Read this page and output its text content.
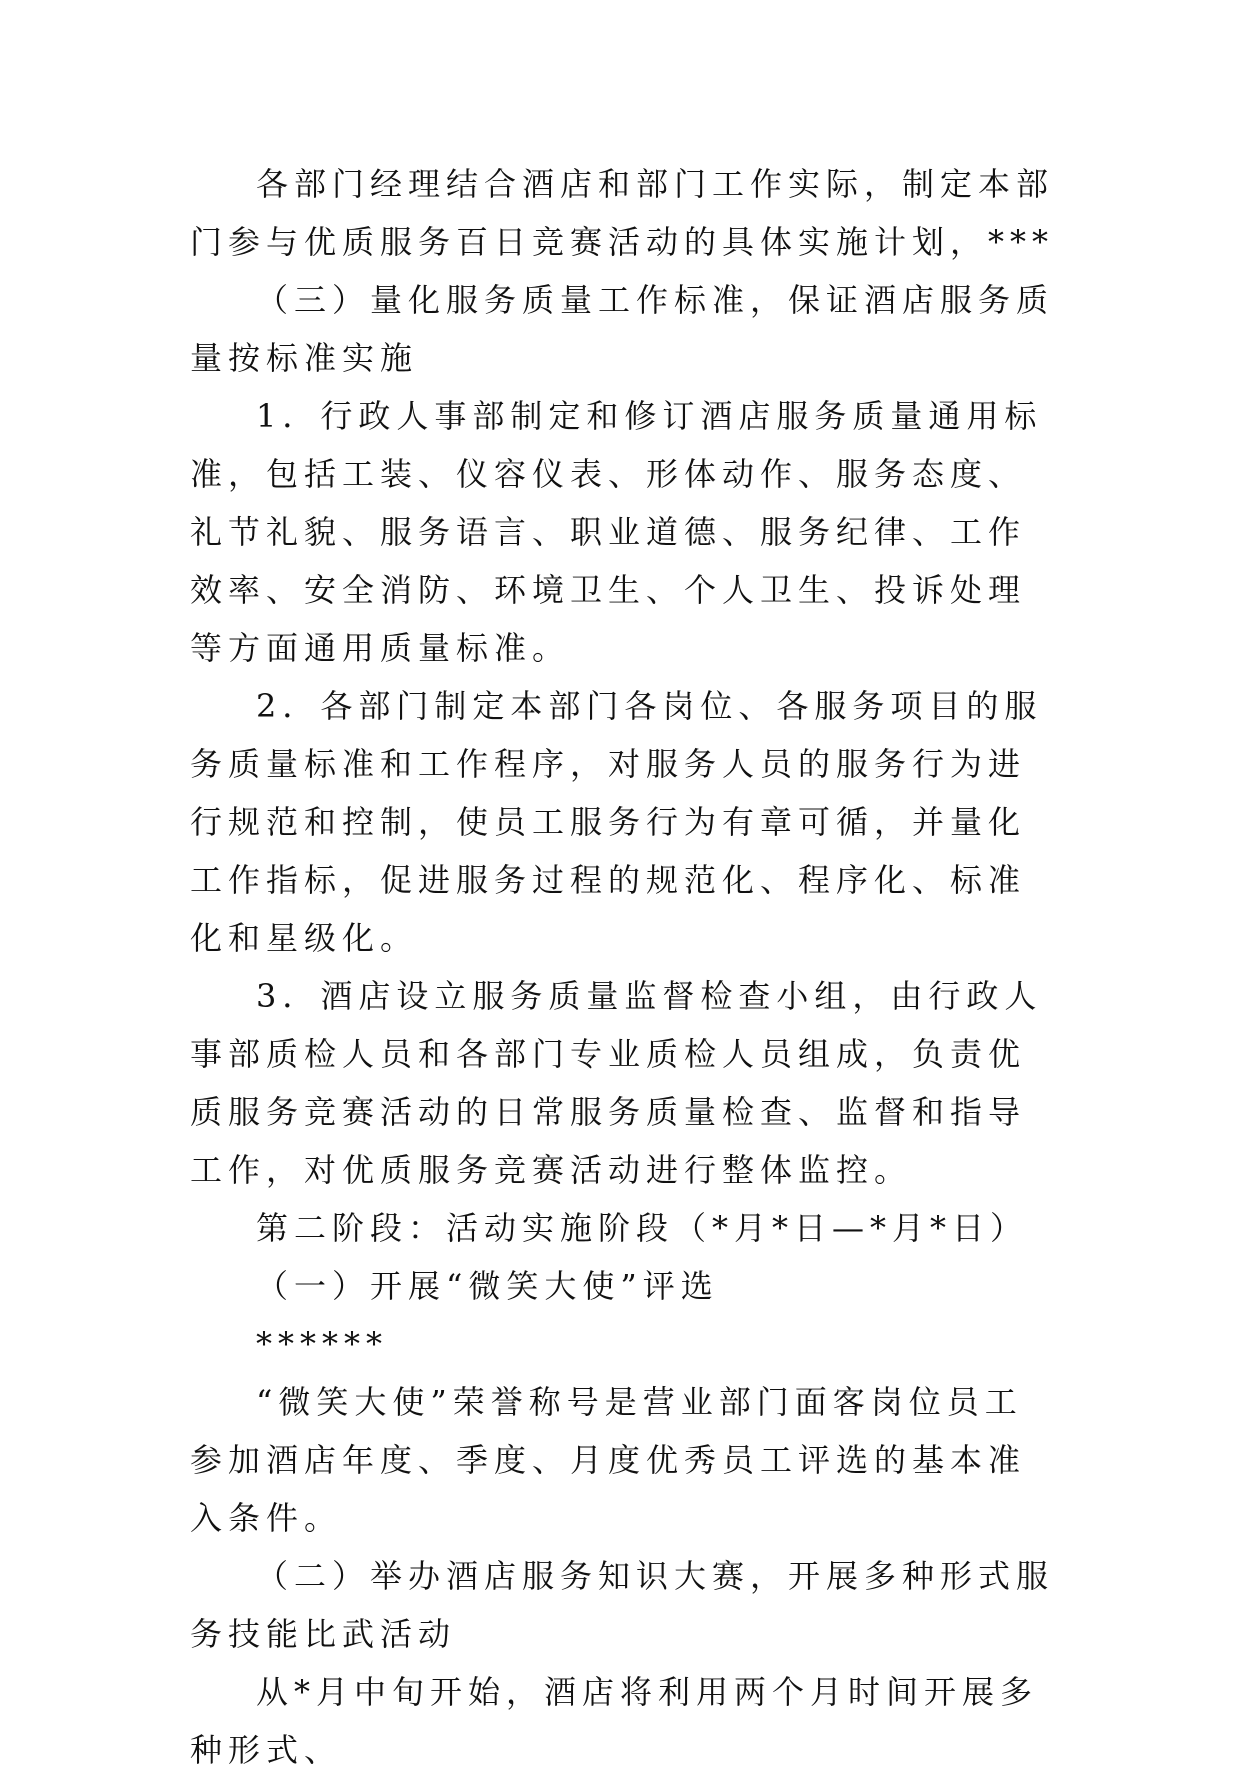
各部门经理结合酒店和部门工作实际，制定本部门参与优质服务百日竞赛活动的具体实施计划，***

（三）量化服务质量工作标准，保证酒店服务质量按标准实施

1．行政人事部制定和修订酒店服务质量通用标准，包括工装、仪容仪表、形体动作、服务态度、礼节礼貌、服务语言、职业道德、服务纪律、工作效率、安全消防、环境卫生、个人卫生、投诉处理等方面通用质量标准。

2．各部门制定本部门各岗位、各服务项目的服务质量标准和工作程序，对服务人员的服务行为进行规范和控制，使员工服务行为有章可循，并量化工作指标，促进服务过程的规范化、程序化、标准化和星级化。

3．酒店设立服务质量监督检查小组，由行政人事部质检人员和各部门专业质检人员组成，负责优质服务竞赛活动的日常服务质量检查、监督和指导工作，对优质服务竞赛活动进行整体监控。

第二阶段：活动实施阶段（*月*日—*月*日）

（一）开展“微笑大使”评选

******

“微笑大使”荣誉称号是营业部门面客岗位员工参加酒店年度、季度、月度优秀员工评选的基本准入条件。

（二）举办酒店服务知识大赛，开展多种形式服务技能比武活动

从*月中旬开始，酒店将利用两个月时间开展多种形式、
